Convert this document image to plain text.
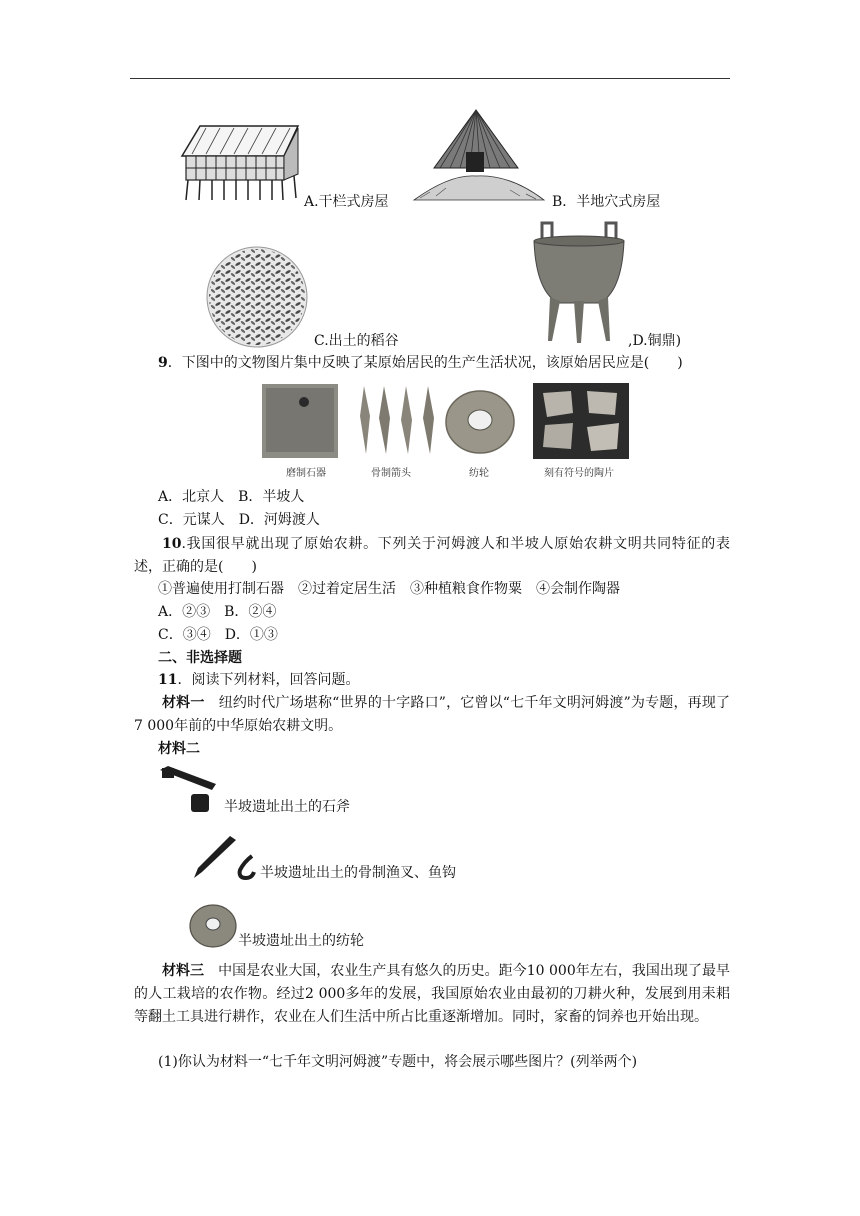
A.干栏式房屋	B．半地穴式房屋
C.出土的稻谷	,D.铜鼎)
9．下图中的文物图片集中反映了某原始居民的生产生活状况，该原始居民应是(　　)
磨制石器	骨制箭头	纺轮	刻有符号的陶片
A．北京人　B．半坡人
C．元谋人　D．河姆渡人
10.我国很早就出现了原始农耕。下列关于河姆渡人和半坡人原始农耕文明共同特征的表述，正确的是(　　)
①普遍使用打制石器　②过着定居生活　③种植粮食作物粟　④会制作陶器
A．②③　B．②④
C．③④　D．①③
二、非选择题
11．阅读下列材料，回答问题。
材料一　纽约时代广场堪称“世界的十字路口”，它曾以“七千年文明河姆渡”为专题，再现了7 000年前的中华原始农耕文明。
材料二
半坡遗址出土的石斧
半坡遗址出土的骨制渔叉、鱼钩
半坡遗址出土的纺轮
材料三　中国是农业大国，农业生产具有悠久的历史。距今10 000年左右，我国出现了最早的人工栽培的农作物。经过2 000多年的发展，我国原始农业由最初的刀耕火种，发展到用耒耜等翻土工具进行耕作，农业在人们生活中所占比重逐渐增加。同时，家畜的饲养也开始出现。
(1)你认为材料一“七千年文明河姆渡”专题中，将会展示哪些图片？(列举两个)
